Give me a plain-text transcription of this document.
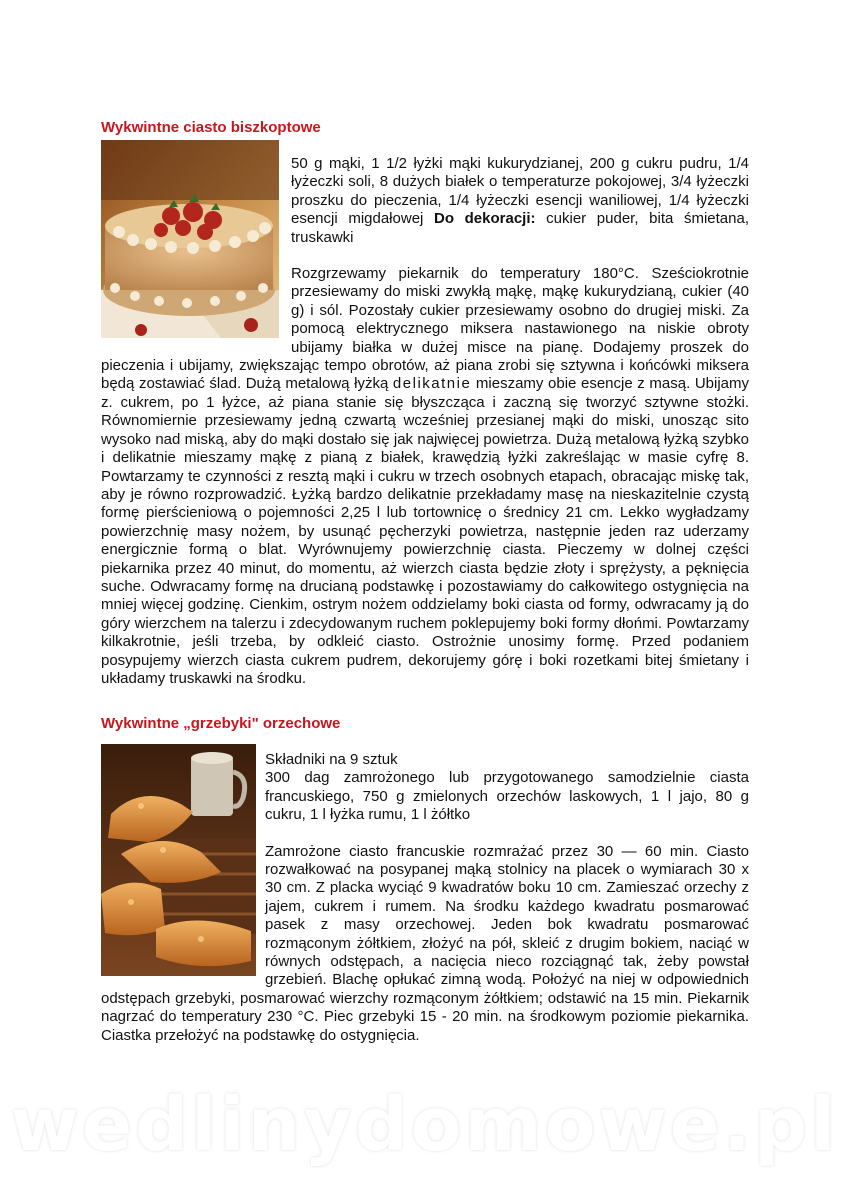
Wykwintne ciasto biszkoptowe

50 g mąki, 1 1/2 łyżki mąki kukurydzianej, 200 g cukru pudru, 1/4 łyżeczki soli, 8 dużych białek o temperaturze pokojowej, 3/4 łyżeczki proszku do pieczenia, 1/4 łyżeczki esencji waniliowej, 1/4 łyżeczki esencji migdałowej Do dekoracji: cukier puder, bita śmietana, truskawki

Rozgrzewamy piekarnik do temperatury 180°C. Sześciokrotnie przesiewamy do miski zwykłą mąkę, mąkę kukurydzianą, cukier (40 g) i sól. Pozostały cukier przesiewamy osobno do drugiej miski. Za pomocą elektrycznego miksera nastawionego na niskie obroty ubijamy białka w dużej misce na pianę. Dodajemy proszek do pieczenia i ubijamy, zwiększając tempo obrotów, aż piana zrobi się sztywna i końcówki miksera będą zostawiać ślad. Dużą metalową łyżką delikatnie mieszamy obie esencje z masą. Ubijamy z. cukrem, po 1 łyżce, aż piana stanie się błyszcząca i zaczną się tworzyć sztywne stożki. Równomiernie przesiewamy jedną czwartą wcześniej przesianej mąki do miski, unosząc sito wysoko nad miską, aby do mąki dostało się jak najwięcej powietrza. Dużą metalową łyżką szybko i delikatnie mieszamy mąkę z pianą z białek, krawędzią łyżki zakreślając w masie cyfrę 8. Powtarzamy te czynności z resztą mąki i cukru w trzech osobnych etapach, obracając miskę tak, aby je równo rozprowadzić. Łyżką bardzo delikatnie przekładamy masę na nieskazitelnie czystą formę pierścieniową o pojemności 2,25 l lub tortownicę o średnicy 21 cm. Lekko wygładzamy powierzchnię masy nożem, by usunąć pęcherzyki powietrza, następnie jeden raz uderzamy energicznie formą o blat. Wyrównujemy powierzchnię ciasta. Pieczemy w dolnej części piekarnika przez 40 minut, do momentu, aż wierzch ciasta będzie złoty i sprężysty, a pęknięcia suche. Odwracamy formę na drucianą podstawkę i pozostawiamy do całkowitego ostygnięcia na mniej więcej godzinę. Cienkim, ostrym nożem oddzielamy boki ciasta od formy, odwracamy ją do góry wierzchem na talerzu i zdecydowanym ruchem poklepujemy boki formy dłońmi. Powtarzamy kilkakrotnie, jeśli trzeba, by odkleić ciasto. Ostrożnie unosimy formę. Przed podaniem posypujemy wierzch ciasta cukrem pudrem, dekorujemy górę i boki rozetkami bitej śmietany i układamy truskawki na środku.

Wykwintne „grzebyki" orzechowe

Składniki na 9 sztuk
300 dag zamrożonego lub przygotowanego samodzielnie ciasta francuskiego, 750 g zmielonych orzechów laskowych, 1 l jajo, 80 g cukru, 1 l łyżka rumu, 1 l żółtko

Zamrożone ciasto francuskie rozmrażać przez 30 — 60 min. Ciasto rozwałkować na posypanej mąką stolnicy na placek o wymiarach 30 x 30 cm. Z placka wyciąć 9 kwadratów boku 10 cm. Zamieszać orzechy z jajem, cukrem i rumem. Na środku każdego kwadratu posmarować pasek z masy orzechowej. Jeden bok kwadratu posmarować rozmąconym żółtkiem, złożyć na pół, skleić z drugim bokiem, naciąć w równych odstępach, a nacięcia nieco rozciągnąć tak, żeby powstał grzebień. Blachę opłukać zimną wodą. Położyć na niej w odpowiednich odstępach grzebyki, posmarować wierzchy rozmąconym żółtkiem; odstawić na 15 min. Piekarnik nagrzać do temperatury 230 °C. Piec grzebyki 15 - 20 min. na środkowym poziomie piekarnika. Ciastka przełożyć na podstawkę do ostygnięcia.

wedlinydomowe.pl
